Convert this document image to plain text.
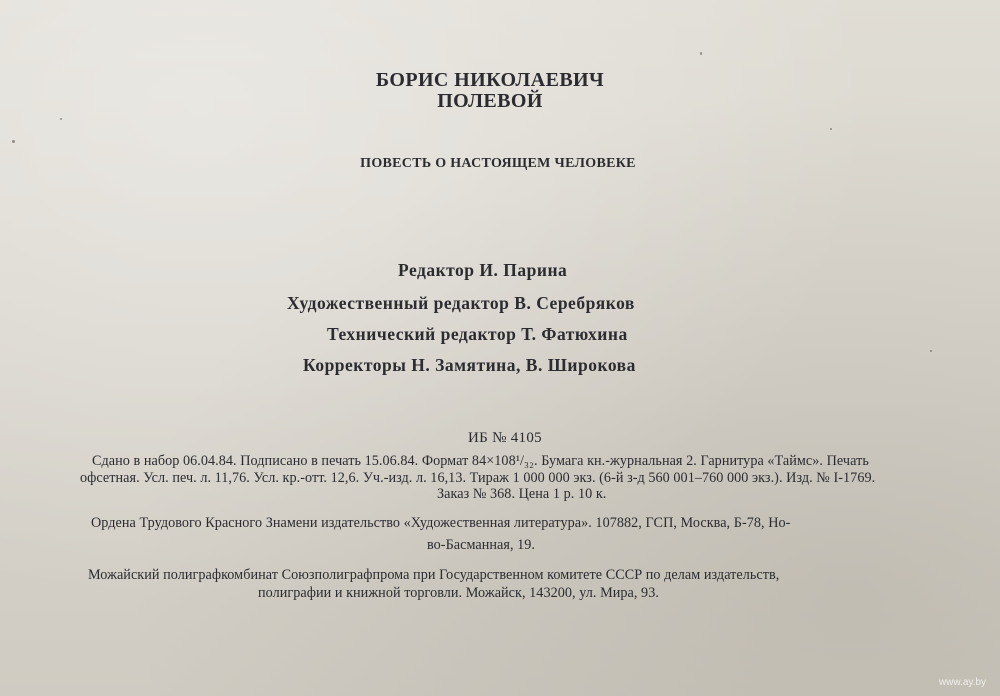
БОРИС НИКОЛАЕВИЧ
ПОЛЕВОЙ
ПОВЕСТЬ О НАСТОЯЩЕМ ЧЕЛОВЕКЕ
Редактор И. Парина
Художественный редактор В. Серебряков
Технический редактор Т. Фатюхина
Корректоры Н. Замятина, В. Широкова
ИБ № 4105
Сдано в набор 06.04.84. Подписано в печать 15.06.84. Формат 84×108¹/₃₂. Бумага кн.-журнальная 2. Гарнитура «Таймс». Печать
офсетная. Усл. печ. л. 11,76. Усл. кр.-отт. 12,6. Уч.-изд. л. 16,13. Тираж 1 000 000 экз. (6-й з-д 560 001–760 000 экз.). Изд. № I-1769.
Заказ № 368. Цена 1 р. 10 к.
Ордена Трудового Красного Знамени издательство «Художественная литература». 107882, ГСП, Москва, Б-78, Но-
во-Басманная, 19.
Можайский полиграфкомбинат Союзполиграфпрома при Государственном комитете СССР по делам издательств,
полиграфии и книжной торговли. Можайск, 143200, ул. Мира, 93.
www.ay.by
